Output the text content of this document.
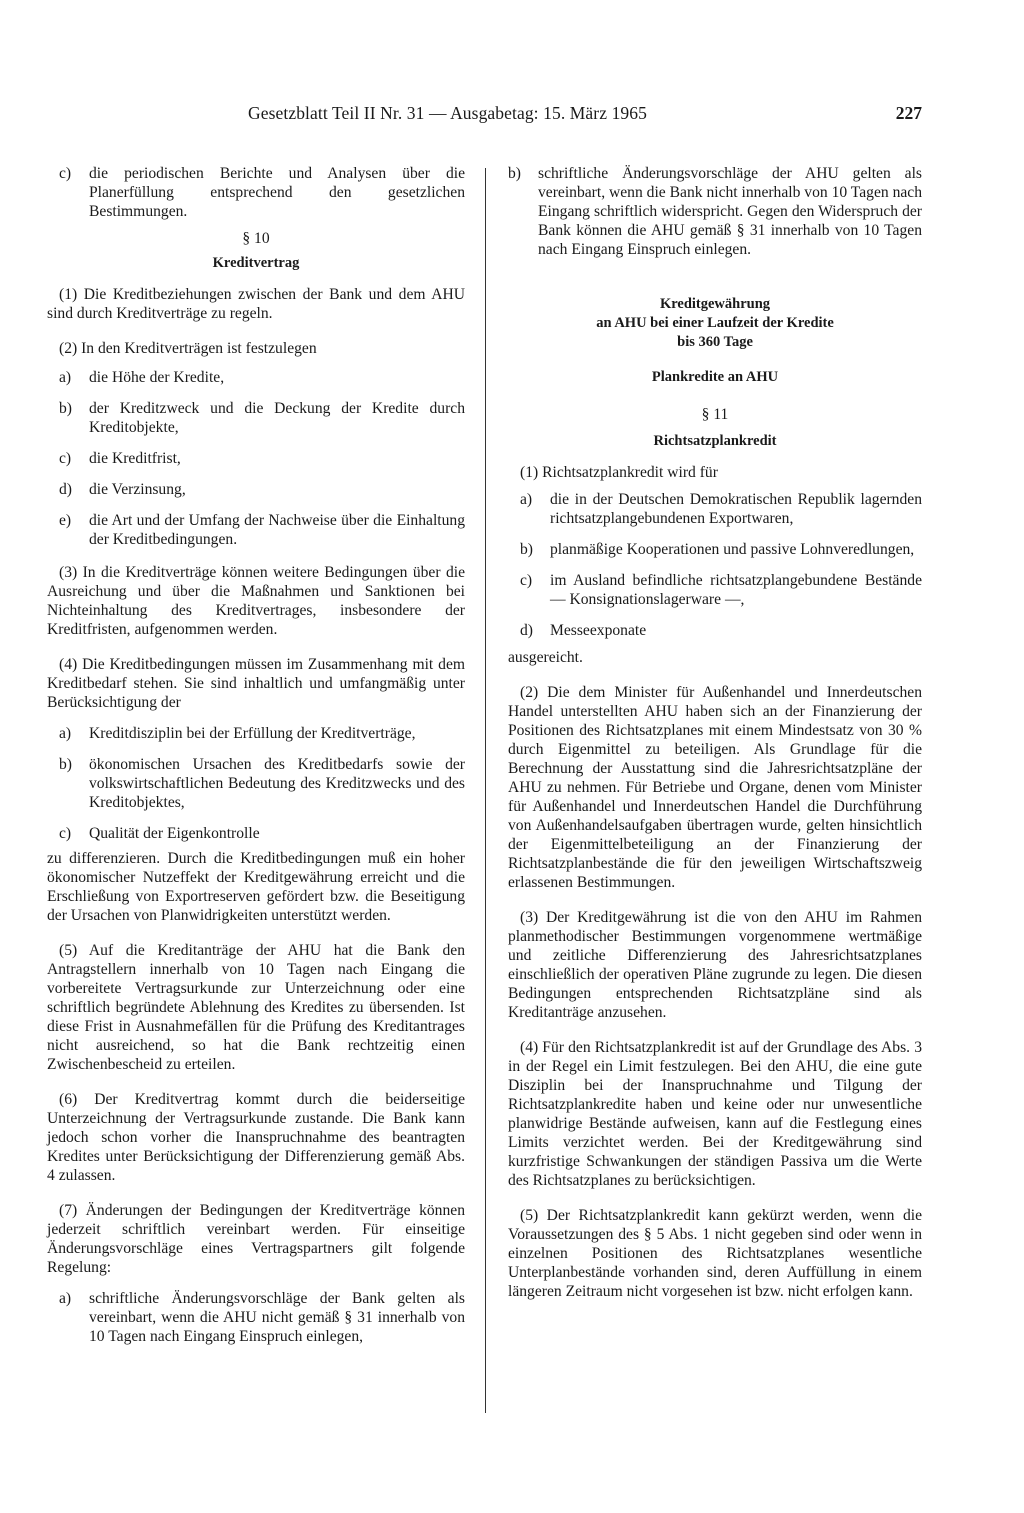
Gesetzblatt Teil II Nr. 31 — Ausgabetag: 15. März 1965	227
c)	die periodischen Berichte und Analysen über die Planerfüllung entsprechend den gesetzlichen Bestimmungen.

§ 10

Kreditvertrag

(1) Die Kreditbeziehungen zwischen der Bank und dem AHU sind durch Kreditverträge zu regeln.

(2) In den Kreditverträgen ist festzulegen

a)	die Höhe der Kredite,
b)	der Kreditzweck und die Deckung der Kredite durch Kreditobjekte,
c)	die Kreditfrist,
d)	die Verzinsung,
e)	die Art und der Umfang der Nachweise über die Einhaltung der Kreditbedingungen.

(3) In die Kreditverträge können weitere Bedingungen über die Ausreichung und über die Maßnahmen und Sanktionen bei Nichteinhaltung des Kreditvertrages, insbesondere der Kreditfristen, aufgenommen werden.

(4) Die Kreditbedingungen müssen im Zusammenhang mit dem Kreditbedarf stehen. Sie sind inhaltlich und umfangmäßig unter Berücksichtigung der

a)	Kreditdisziplin bei der Erfüllung der Kreditverträge,
b)	ökonomischen Ursachen des Kreditbedarfs sowie der volkswirtschaftlichen Bedeutung des Kreditzwecks und des Kreditobjektes,
c)	Qualität der Eigenkontrolle

zu differenzieren. Durch die Kreditbedingungen muß ein hoher ökonomischer Nutzeffekt der Kreditgewährung erreicht und die Erschließung von Exportreserven gefördert bzw. die Beseitigung der Ursachen von Planwidrigkeiten unterstützt werden.

(5) Auf die Kreditanträge der AHU hat die Bank den Antragstellern innerhalb von 10 Tagen nach Eingang die vorbereitete Vertragsurkunde zur Unterzeichnung oder eine schriftlich begründete Ablehnung des Kredites zu übersenden. Ist diese Frist in Ausnahmefällen für die Prüfung des Kreditantrages nicht ausreichend, so hat die Bank rechtzeitig einen Zwischenbescheid zu erteilen.

(6) Der Kreditvertrag kommt durch die beiderseitige Unterzeichnung der Vertragsurkunde zustande. Die Bank kann jedoch schon vorher die Inanspruchnahme des beantragten Kredites unter Berücksichtigung der Differenzierung gemäß Abs. 4 zulassen.

(7) Änderungen der Bedingungen der Kreditverträge können jederzeit schriftlich vereinbart werden. Für einseitige Änderungsvorschläge eines Vertragspartners gilt folgende Regelung:

a)	schriftliche Änderungsvorschläge der Bank gelten als vereinbart, wenn die AHU nicht gemäß § 31 innerhalb von 10 Tagen nach Eingang Einspruch einlegen,
b)	schriftliche Änderungsvorschläge der AHU gelten als vereinbart, wenn die Bank nicht innerhalb von 10 Tagen nach Eingang schriftlich widerspricht. Gegen den Widerspruch der Bank können die AHU gemäß § 31 innerhalb von 10 Tagen nach Eingang Einspruch einlegen.

Kreditgewährung

an AHU bei einer Laufzeit der Kredite

bis 360 Tage

Plankredite an AHU

§ 11

Richtsatzplankredit

(1) Richtsatzplankredit wird für

a)	die in der Deutschen Demokratischen Republik lagernden richtsatzplangebundenen Exportwaren,
b)	planmäßige Kooperationen und passive Lohnveredlungen,
c)	im Ausland befindliche richtsatzplangebundene Bestände — Konsignationslagerware —,
d)	Messeexponate

ausgereicht.

(2) Die dem Minister für Außenhandel und Innerdeutschen Handel unterstellten AHU haben sich an der Finanzierung der Positionen des Richtsatzplanes mit einem Mindestsatz von 30 % durch Eigenmittel zu beteiligen. Als Grundlage für die Berechnung der Ausstattung sind die Jahresrichtsatzpläne der AHU zu nehmen. Für Betriebe und Organe, denen vom Minister für Außenhandel und Innerdeutschen Handel die Durchführung von Außenhandelsaufgaben übertragen wurde, gelten hinsichtlich der Eigenmittelbeteiligung an der Finanzierung der Richtsatzplanbestände die für den jeweiligen Wirtschaftszweig erlassenen Bestimmungen.

(3) Der Kreditgewährung ist die von den AHU im Rahmen planmethodischer Bestimmungen vorgenommene wertmäßige und zeitliche Differenzierung des Jahresrichtsatzplanes einschließlich der operativen Pläne zugrunde zu legen. Die diesen Bedingungen entsprechenden Richtsatzpläne sind als Kreditanträge anzusehen.

(4) Für den Richtsatzplankredit ist auf der Grundlage des Abs. 3 in der Regel ein Limit festzulegen. Bei den AHU, die eine gute Disziplin bei der Inanspruchnahme und Tilgung der Richtsatzplankredite haben und keine oder nur unwesentliche planwidrige Bestände aufweisen, kann auf die Festlegung eines Limits verzichtet werden. Bei der Kreditgewährung sind kurzfristige Schwankungen der ständigen Passiva um die Werte des Richtsatzplanes zu berücksichtigen.

(5) Der Richtsatzplankredit kann gekürzt werden, wenn die Voraussetzungen des § 5 Abs. 1 nicht gegeben sind oder wenn in einzelnen Positionen des Richtsatzplanes wesentliche Unterplanbestände vorhanden sind, deren Auffüllung in einem längeren Zeitraum nicht vorgesehen ist bzw. nicht erfolgen kann.
